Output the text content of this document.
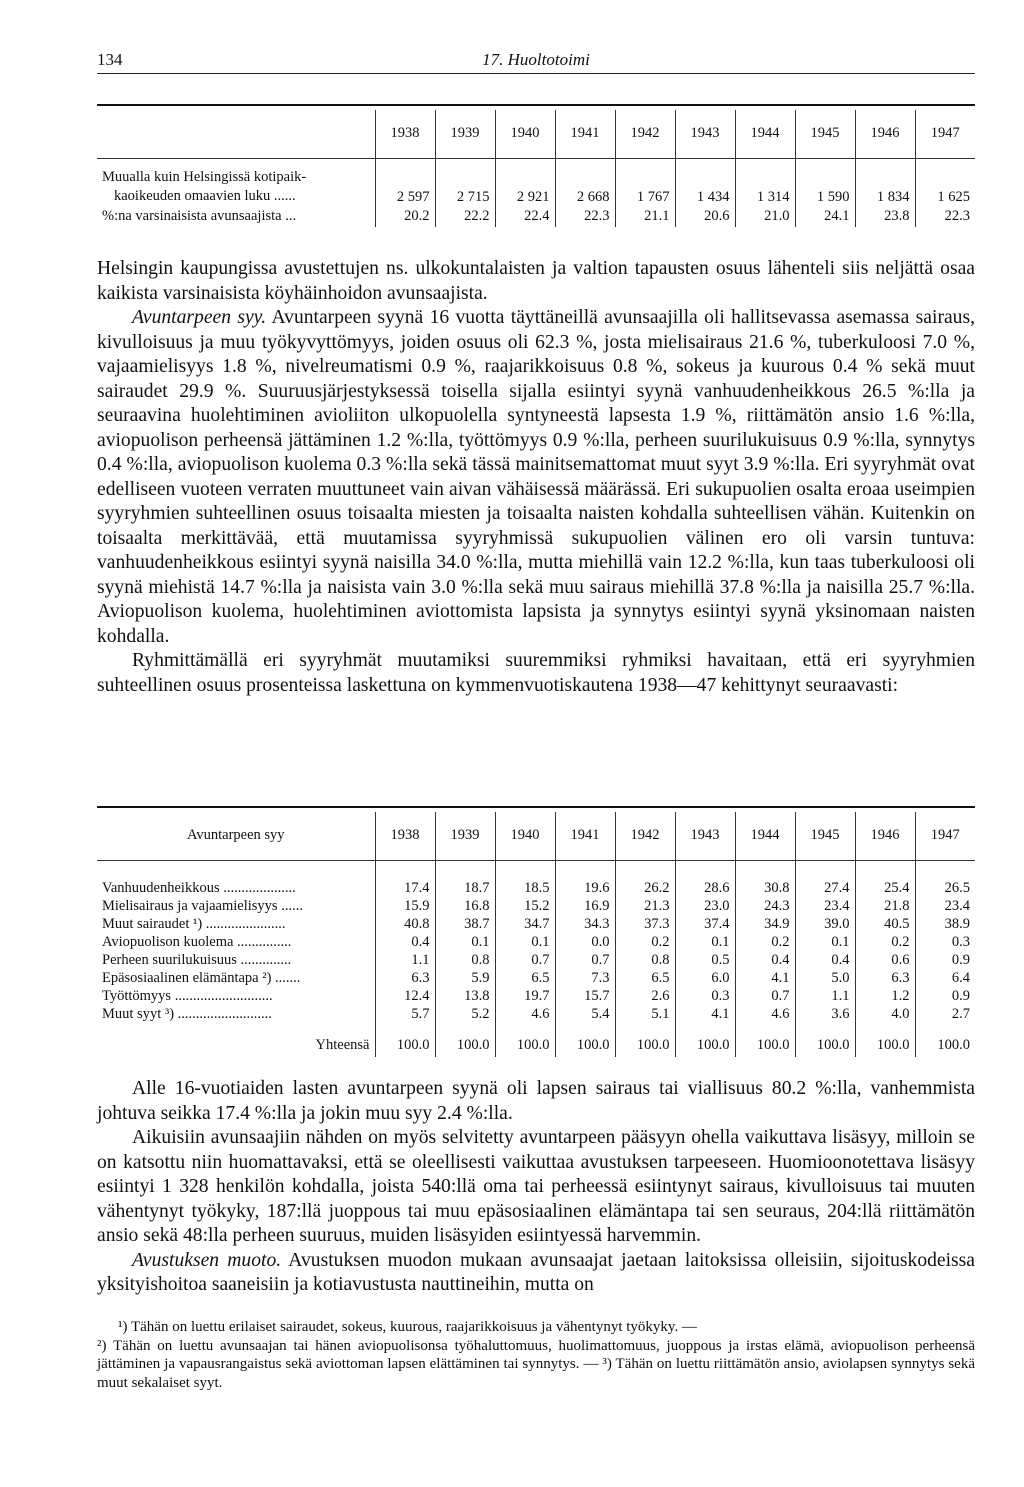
134	17. Huoltotoimi
	1938	1939	1940	1941	1942	1943	1944	1945	1946	1947

Muualla kuin Helsingissä kotipaik-
kaoikeuden omaavien luku ......	2 597	2 715	2 921	2 668	1 767	1 434	1 314	1 590	1 834	1 625
%:na varsinaisista avunsaajista ...	20.2	22.2	22.4	22.3	21.1	20.6	21.0	24.1	23.8	22.3

Helsingin kaupungissa avustettujen ns. ulkokuntalaisten ja valtion tapausten osuus lähenteli siis neljättä osaa kaikista varsinaisista köyhäinhoidon avunsaajista.

Avuntarpeen syy. Avuntarpeen syynä 16 vuotta täyttäneillä avunsaajilla oli hallitsevassa asemassa sairaus, kivulloisuus ja muu työkyvyttömyys, joiden osuus oli 62.3 %, josta mielisairaus 21.6 %, tuberkuloosi 7.0 %, vajaamielisyys 1.8 %, nivelreumatismi 0.9 %, raajarikkoisuus 0.8 %, sokeus ja kuurous 0.4 % sekä muut sairaudet 29.9 %. Suuruusjärjestyksessä toisella sijalla esiintyi syynä vanhuudenheikkous 26.5 %:lla ja seuraavina huolehtiminen avioliiton ulkopuolella syntyneestä lapsesta 1.9 %, riittämätön ansio 1.6 %:lla, aviopuolison perheensä jättäminen 1.2 %:lla, työttömyys 0.9 %:lla, perheen suurilukuisuus 0.9 %:lla, synnytys 0.4 %:lla, aviopuolison kuolema 0.3 %:lla sekä tässä mainitsemattomat muut syyt 3.9 %:lla. Eri syyryhmät ovat edelliseen vuoteen verraten muuttuneet vain aivan vähäisessä määrässä. Eri sukupuolien osalta eroaa useimpien syyryhmien suhteellinen osuus toisaalta miesten ja toisaalta naisten kohdalla suhteellisen vähän. Kuitenkin on toisaalta merkittävää, että muutamissa syyryhmissä sukupuolien välinen ero oli varsin tuntuva: vanhuudenheikkous esiintyi syynä naisilla 34.0 %:lla, mutta miehillä vain 12.2 %:lla, kun taas tuberkuloosi oli syynä miehistä 14.7 %:lla ja naisista vain 3.0 %:lla sekä muu sairaus miehillä 37.8 %:lla ja naisilla 25.7 %:lla. Aviopuolison kuolema, huolehtiminen aviottomista lapsista ja synnytys esiintyi syynä yksinomaan naisten kohdalla.

Ryhmittämällä eri syyryhmät muutamiksi suuremmiksi ryhmiksi havaitaan, että eri syyryhmien suhteellinen osuus prosenteissa laskettuna on kymmenvuotiskautena 1938—47 kehittynyt seuraavasti:

Avuntarpeen syy	1938	1939	1940	1941	1942	1943	1944	1945	1946	1947

Vanhuudenheikkous ....................	17.4	18.7	18.5	19.6	26.2	28.6	30.8	27.4	25.4	26.5
Mielisairaus ja vajaamielisyys ......	15.9	16.8	15.2	16.9	21.3	23.0	24.3	23.4	21.8	23.4
Muut sairaudet ¹) ......................	40.8	38.7	34.7	34.3	37.3	37.4	34.9	39.0	40.5	38.9
Aviopuolison kuolema ...............	0.4	0.1	0.1	0.0	0.2	0.1	0.2	0.1	0.2	0.3
Perheen suurilukuisuus ..............	1.1	0.8	0.7	0.7	0.8	0.5	0.4	0.4	0.6	0.9
Epäsosiaalinen elämäntapa ²) .......	6.3	5.9	6.5	7.3	6.5	6.0	4.1	5.0	6.3	6.4
Työttömyys ...........................	12.4	13.8	19.7	15.7	2.6	0.3	0.7	1.1	1.2	0.9
Muut syyt ³) ..........................	5.7	5.2	4.6	5.4	5.1	4.1	4.6	3.6	4.0	2.7

Yhteensä	100.0	100.0	100.0	100.0	100.0	100.0	100.0	100.0	100.0	100.0

Alle 16-vuotiaiden lasten avuntarpeen syynä oli lapsen sairaus tai viallisuus 80.2 %:lla, vanhemmista johtuva seikka 17.4 %:lla ja jokin muu syy 2.4 %:lla.

Aikuisiin avunsaajiin nähden on myös selvitetty avuntarpeen pääsyyn ohella vaikuttava lisäsyy, milloin se on katsottu niin huomattavaksi, että se oleellisesti vaikuttaa avustuksen tarpeeseen. Huomioonotettava lisäsyy esiintyi 1 328 henkilön kohdalla, joista 540:llä oma tai perheessä esiintynyt sairaus, kivulloisuus tai muuten vähentynyt työkyky, 187:llä juoppous tai muu epäsosiaalinen elämäntapa tai sen seuraus, 204:llä riittämätön ansio sekä 48:lla perheen suuruus, muiden lisäsyiden esiintyessä harvemmin.

Avustuksen muoto. Avustuksen muodon mukaan avunsaajat jaetaan laitoksissa olleisiin, sijoituskodeissa yksityishoitoa saaneisiin ja kotiavustusta nauttineihin, mutta on

¹) Tähän on luettu erilaiset sairaudet, sokeus, kuurous, raajarikkoisuus ja vähentynyt työkyky. —

²) Tähän on luettu avunsaajan tai hänen aviopuolisonsa työhaluttomuus, huolimattomuus, juoppous ja irstas elämä, aviopuolison perheensä jättäminen ja vapausrangaistus sekä aviottoman lapsen elättäminen tai synnytys. — ³) Tähän on luettu riittämätön ansio, aviolapsen synnytys sekä muut sekalaiset syyt.
